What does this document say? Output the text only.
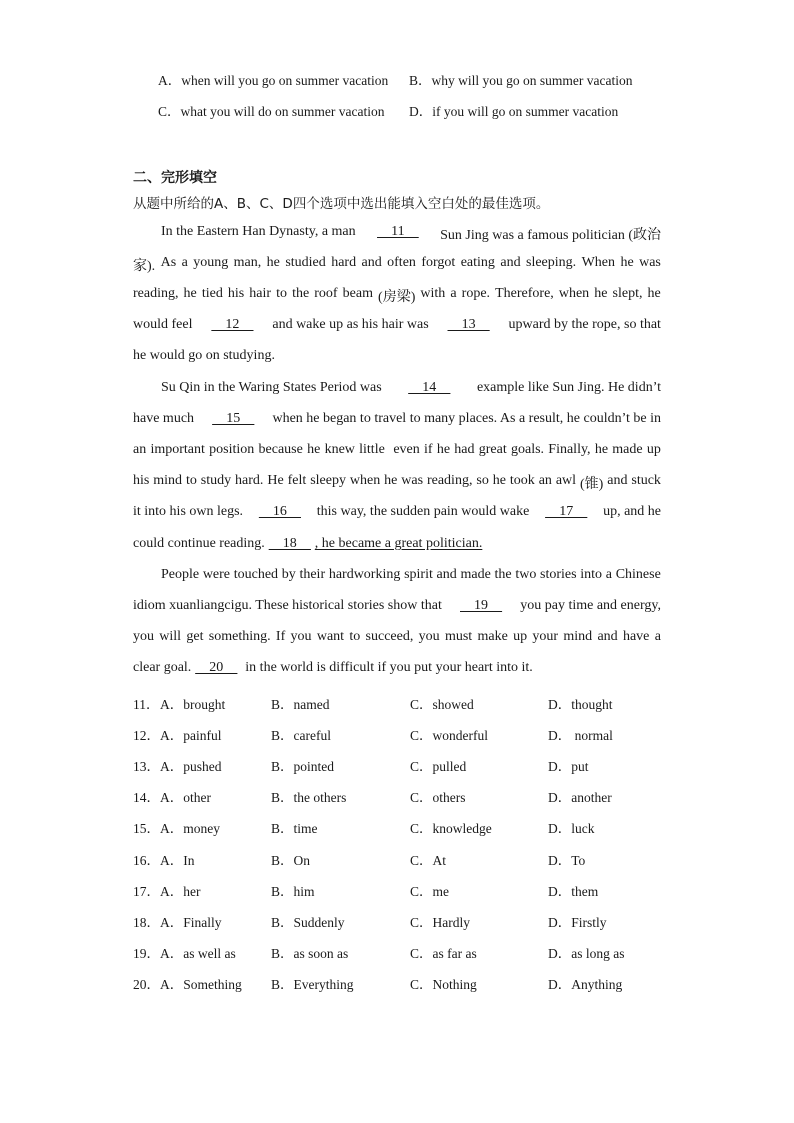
A．when will you go on summer vacation B．why will you go on summer vacation
C．what you will do on summer vacation D．if you will go on summer vacation
二、完形填空
从题中所给的A、B、C、D四个选项中选出能填入空白处的最佳选项。
In the Eastern Han Dynasty, a man 11 Sun Jing was a famous politician (政治
家). As a young man, he studied hard and often forgot eating and sleeping. When he was
reading, he tied his hair to the roof beam (房梁) with a rope. Therefore, when he slept, he
would feel 12 and wake up as his hair was 13 upward by the rope, so that
he would go on studying.
Su Qin in the Waring States Period was 14 example like Sun Jing. He didn’t
have much 15 when he began to travel to many places. As a result, he couldn’t be in
an important position because he knew little even if he had great goals. Finally, he made up
his mind to study hard. He felt sleepy when he was reading, so he took an awl (锥) and stuck
it into his own legs. 16 this way, the sudden pain would wake 17 up, and he
could continue reading. 18    , he became a great politician.
People were touched by their hardworking spirit and made the two stories into a Chinese
idiom xuanliangcigu. These historical stories show that 19 you pay time and energy,
you will get something. If you want to succeed, you must make up your mind and have a
clear goal. 20 in the world is difficult if you put your heart into it.
11． A．brought	B．named	C．showed	D．thought
12． A．painful	B．careful	C．wonderful	D． normal
13． A．pushed	B．pointed	C．pulled	D．put
14． A．other	B．the others	C．others	D．another
15． A．money	B．time	C．knowledge	D．luck
16． A．In	B．On	C．At	D．To
17． A．her	B．him	C．me	D．them
18． A．Finally	B．Suddenly	C．Hardly	D．Firstly
19． A．as well as	B．as soon as	C．as far as	D．as long as
20． A．Something B．Everything	C．Nothing	D．Anything
